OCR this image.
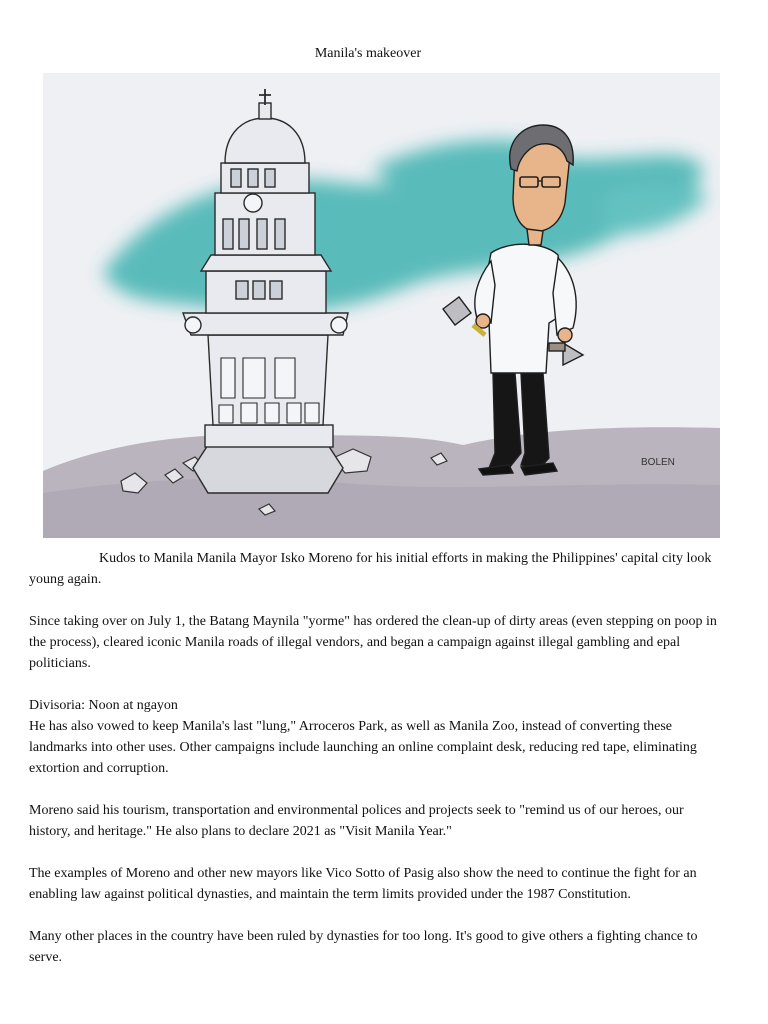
Manila's makeover
BOLEN

Kudos to Manila Manila Mayor Isko Moreno for his initial efforts in making the Philippines' capital city look young again.

Since taking over on July 1, the Batang Maynila "yorme" has ordered the clean-up of dirty areas (even stepping on poop in the process), cleared iconic Manila roads of illegal vendors, and began a campaign against illegal gambling and epal politicians.

Divisoria: Noon at ngayon
He has also vowed to keep Manila's last "lung," Arroceros Park, as well as Manila Zoo, instead of converting these landmarks into other uses. Other campaigns include launching an online complaint desk, reducing red tape, eliminating extortion and corruption.

Moreno said his tourism, transportation and environmental polices and projects seek to "remind us of our heroes, our history, and heritage." He also plans to declare 2021 as "Visit Manila Year."

The examples of Moreno and other new mayors like Vico Sotto of Pasig also show the need to continue the fight for an enabling law against political dynasties, and maintain the term limits provided under the 1987 Constitution.

Many other places in the country have been ruled by dynasties for too long. It's good to give others a fighting chance to serve.
